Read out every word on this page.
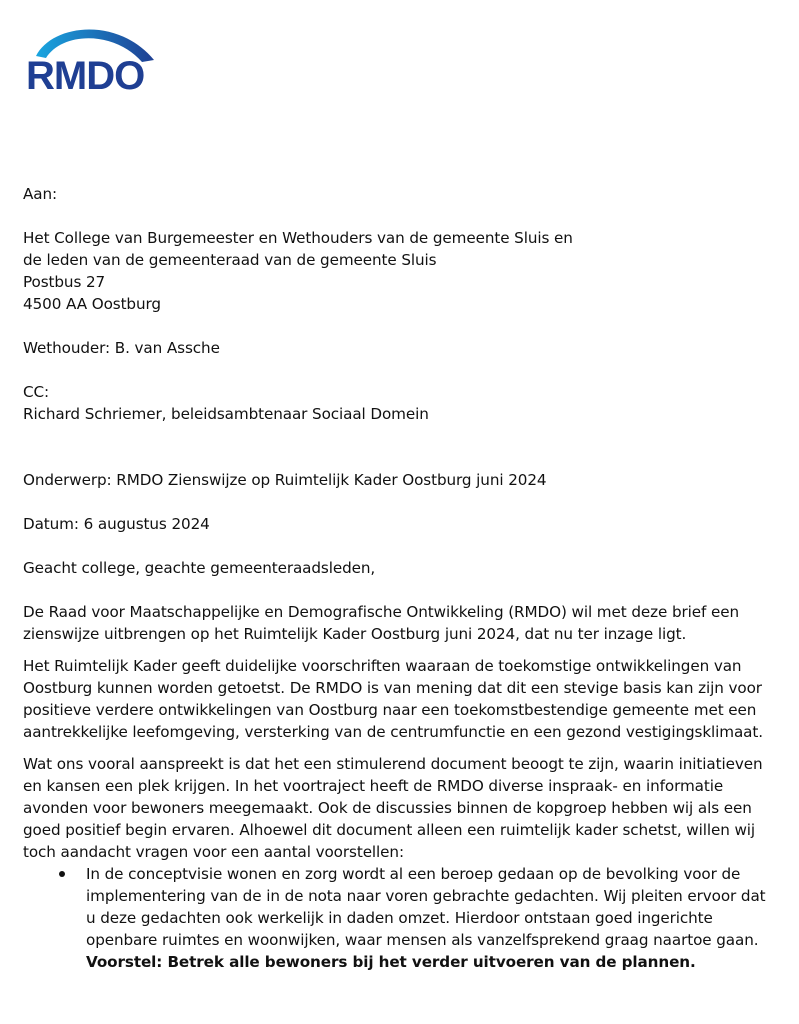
RMDO
Aan:
Het College van Burgemeester en Wethouders van de gemeente Sluis en
de leden van de gemeenteraad van de gemeente Sluis
Postbus 27
4500 AA Oostburg
Wethouder: B. van Assche
CC:
Richard Schriemer, beleidsambtenaar Sociaal Domein
Onderwerp: RMDO Zienswijze op Ruimtelijk Kader Oostburg juni 2024
Datum: 6 augustus 2024
Geacht college, geachte gemeenteraadsleden,

De Raad voor Maatschappelijke en Demografische Ontwikkeling (RMDO) wil met deze brief een
zienswijze uitbrengen op het Ruimtelijk Kader Oostburg juni 2024, dat nu ter inzage ligt.

Het Ruimtelijk Kader geeft duidelijke voorschriften waaraan de toekomstige ontwikkelingen van
Oostburg kunnen worden getoetst. De RMDO is van mening dat dit een stevige basis kan zijn voor
positieve verdere ontwikkelingen van Oostburg naar een toekomstbestendige gemeente met een
aantrekkelijke leefomgeving, versterking van de centrumfunctie en een gezond vestigingsklimaat.

Wat ons vooral aanspreekt is dat het een stimulerend document beoogt te zijn, waarin initiatieven
en kansen een plek krijgen. In het voortraject heeft de RMDO diverse inspraak- en informatie
avonden voor bewoners meegemaakt. Ook de discussies binnen de kopgroep hebben wij als een
goed positief begin ervaren. Alhoewel dit document alleen een ruimtelijk kader schetst, willen wij
toch aandacht vragen voor een aantal voorstellen:

In de conceptvisie wonen en zorg wordt al een beroep gedaan op de bevolking voor de
implementering van de in de nota naar voren gebrachte gedachten. Wij pleiten ervoor dat
u deze gedachten ook werkelijk in daden omzet. Hierdoor ontstaan goed ingerichte
openbare ruimtes en woonwijken, waar mensen als vanzelfsprekend graag naartoe gaan.
Voorstel: Betrek alle bewoners bij het verder uitvoeren van de plannen.
